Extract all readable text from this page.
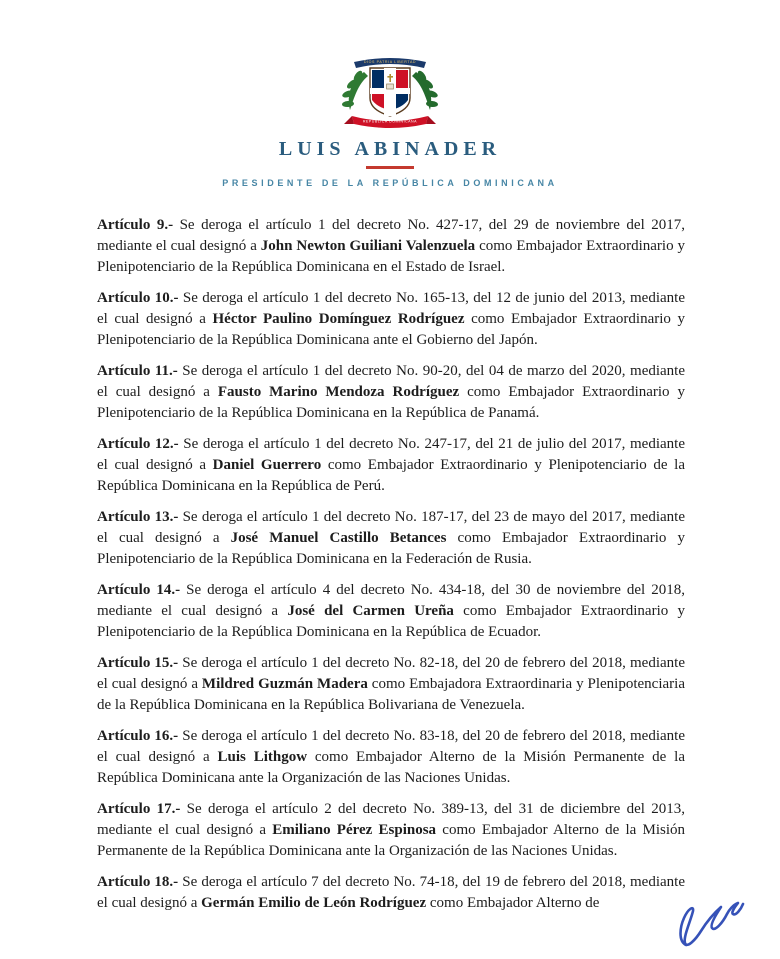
DIOS PATRIA LIBERTAD
REPÚBLICA DOMINICANA
LUIS ABINADER
PRESIDENTE DE LA REPÚBLICA DOMINICANA

Artículo 9.- Se deroga el artículo 1 del decreto No. 427-17, del 29 de noviembre del 2017, mediante el cual designó a John Newton Guiliani Valenzuela como Embajador Extraordinario y Plenipotenciario de la República Dominicana en el Estado de Israel.

Artículo 10.- Se deroga el artículo 1 del decreto No. 165-13, del 12 de junio del 2013, mediante el cual designó a Héctor Paulino Domínguez Rodríguez como Embajador Extraordinario y Plenipotenciario de la República Dominicana ante el Gobierno del Japón.

Artículo 11.- Se deroga el artículo 1 del decreto No. 90-20, del 04 de marzo del 2020, mediante el cual designó a Fausto Marino Mendoza Rodríguez como Embajador Extraordinario y Plenipotenciario de la República Dominicana en la República de Panamá.

Artículo 12.- Se deroga el artículo 1 del decreto No. 247-17, del 21 de julio del 2017, mediante el cual designó a Daniel Guerrero como Embajador Extraordinario y Plenipotenciario de la República Dominicana en la República de Perú.

Artículo 13.- Se deroga el artículo 1 del decreto No. 187-17, del 23 de mayo del 2017, mediante el cual designó a José Manuel Castillo Betances como Embajador Extraordinario y Plenipotenciario de la República Dominicana en la Federación de Rusia.

Artículo 14.- Se deroga el artículo 4 del decreto No. 434-18, del 30 de noviembre del 2018, mediante el cual designó a José del Carmen Ureña como Embajador Extraordinario y Plenipotenciario de la República Dominicana en la República de Ecuador.

Artículo 15.- Se deroga el artículo 1 del decreto No. 82-18, del 20 de febrero del 2018, mediante el cual designó a Mildred Guzmán Madera como Embajadora Extraordinaria y Plenipotenciaria de la República Dominicana en la República Bolivariana de Venezuela.

Artículo 16.- Se deroga el artículo 1 del decreto No. 83-18, del 20 de febrero del 2018, mediante el cual designó a Luis Lithgow como Embajador Alterno de la Misión Permanente de la República Dominicana ante la Organización de las Naciones Unidas.

Artículo 17.- Se deroga el artículo 2 del decreto No. 389-13, del 31 de diciembre del 2013, mediante el cual designó a Emiliano Pérez Espinosa como Embajador Alterno de la Misión Permanente de la República Dominicana ante la Organización de las Naciones Unidas.

Artículo 18.- Se deroga el artículo 7 del decreto No. 74-18, del 19 de febrero del 2018, mediante el cual designó a Germán Emilio de León Rodríguez como Embajador Alterno de
